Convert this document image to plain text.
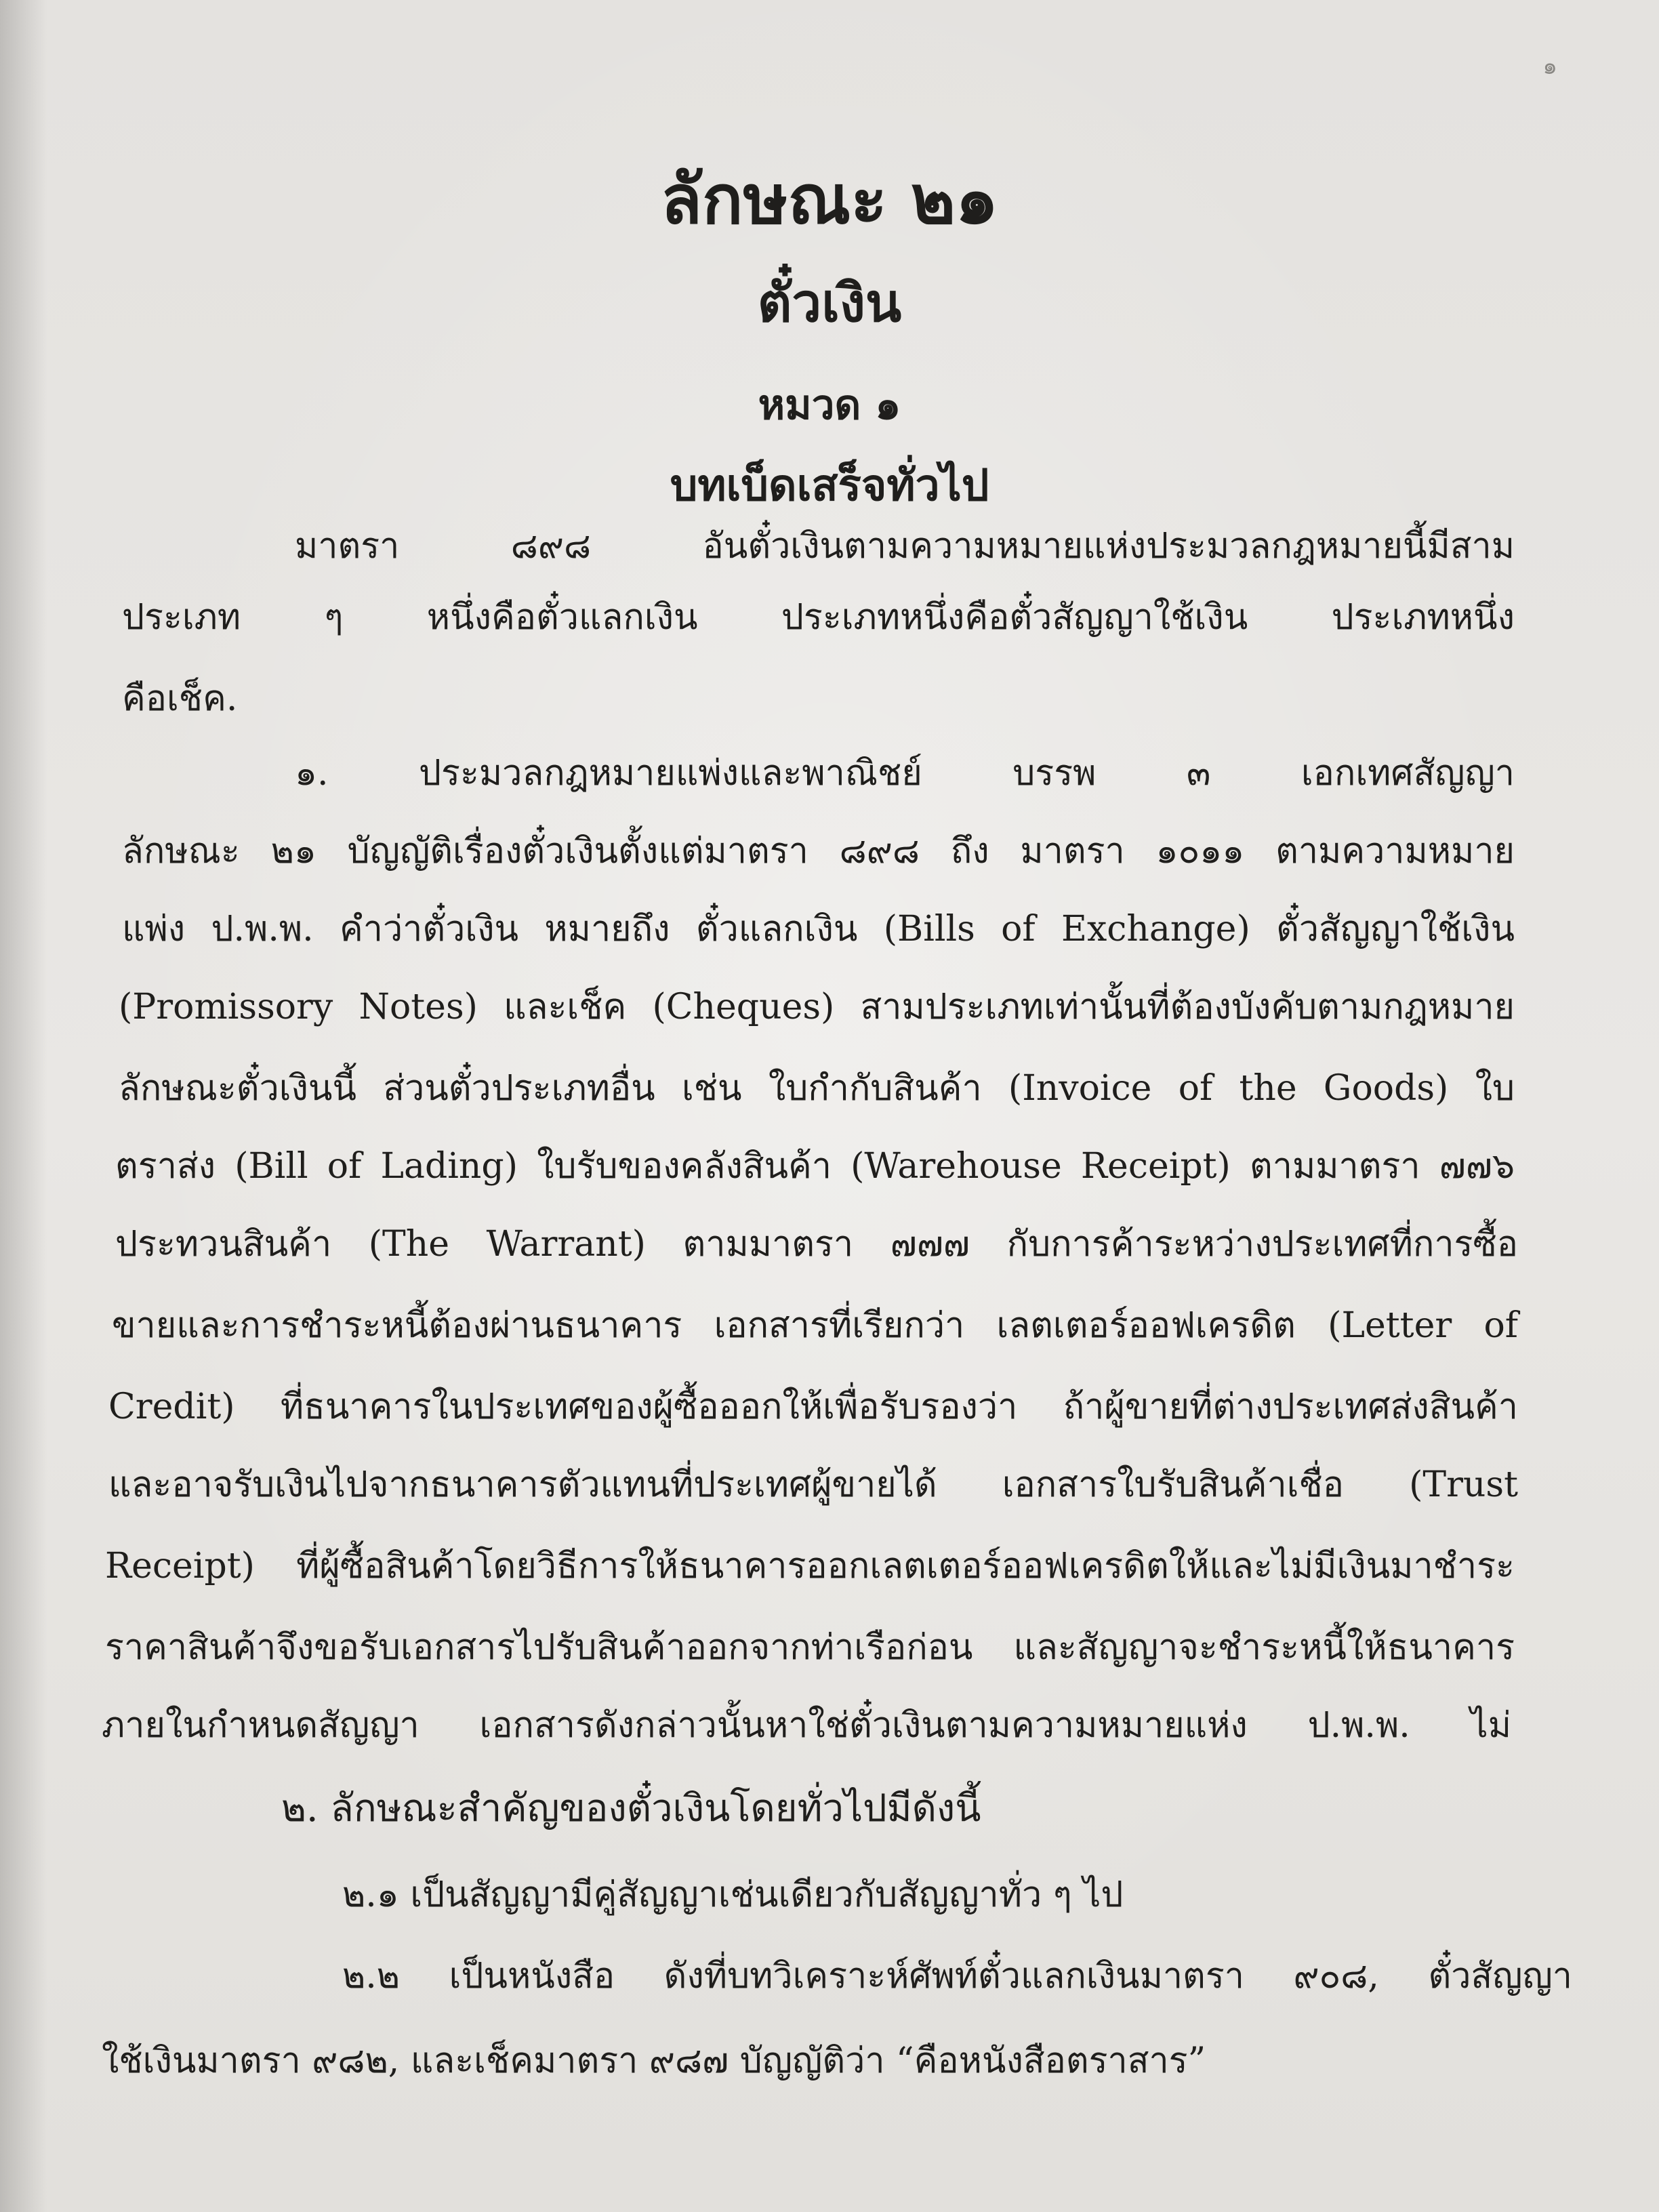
๑
ลักษณะ ๒๑
ตั๋วเงิน
หมวด ๑
บทเบ็ดเสร็จทั่วไป
มาตรา ๘๙๘ อันตั๋วเงินตามความหมายแห่งประมวลกฎหมายนี้มีสาม
ประเภท ๆ หนึ่งคือตั๋วแลกเงิน ประเภทหนึ่งคือตั๋วสัญญาใช้เงิน ประเภทหนึ่ง
คือเช็ค.
๑. ประมวลกฎหมายแพ่งและพาณิชย์ บรรพ ๓ เอกเทศสัญญา
ลักษณะ ๒๑ บัญญัติเรื่องตั๋วเงินตั้งแต่มาตรา ๘๙๘ ถึง มาตรา ๑๐๑๑ ตามความหมาย
แพ่ง ป.พ.พ. คำว่าตั๋วเงิน หมายถึง ตั๋วแลกเงิน (Bills of Exchange) ตั๋วสัญญาใช้เงิน
(Promissory Notes) และเช็ค (Cheques) สามประเภทเท่านั้นที่ต้องบังคับตามกฎหมาย
ลักษณะตั๋วเงินนี้ ส่วนตั๋วประเภทอื่น เช่น ใบกำกับสินค้า (Invoice of the Goods) ใบ
ตราส่ง (Bill of Lading) ใบรับของคลังสินค้า (Warehouse Receipt) ตามมาตรา ๗๗๖
ประทวนสินค้า (The Warrant) ตามมาตรา ๗๗๗ กับการค้าระหว่างประเทศที่การซื้อ
ขายและการชำระหนี้ต้องผ่านธนาคาร เอกสารที่เรียกว่า เลตเตอร์ออฟเครดิต (Letter of
Credit) ที่ธนาคารในประเทศของผู้ซื้อออกให้เพื่อรับรองว่า ถ้าผู้ขายที่ต่างประเทศส่งสินค้า
และอาจรับเงินไปจากธนาคารตัวแทนที่ประเทศผู้ขายได้ เอกสารใบรับสินค้าเชื่อ (Trust
Receipt) ที่ผู้ซื้อสินค้าโดยวิธีการให้ธนาคารออกเลตเตอร์ออฟเครดิตให้และไม่มีเงินมาชำระ
ราคาสินค้าจึงขอรับเอกสารไปรับสินค้าออกจากท่าเรือก่อน และสัญญาจะชำระหนี้ให้ธนาคาร
ภายในกำหนดสัญญา เอกสารดังกล่าวนั้นหาใช่ตั๋วเงินตามความหมายแห่ง ป.พ.พ. ไม่
๒. ลักษณะสำคัญของตั๋วเงินโดยทั่วไปมีดังนี้
๒.๑ เป็นสัญญามีคู่สัญญาเช่นเดียวกับสัญญาทั่ว ๆ ไป
๒.๒ เป็นหนังสือ ดังที่บทวิเคราะห์ศัพท์ตั๋วแลกเงินมาตรา ๙๐๘, ตั๋วสัญญา
ใช้เงินมาตรา ๙๘๒, และเช็คมาตรา ๙๘๗ บัญญัติว่า “คือหนังสือตราสาร”
